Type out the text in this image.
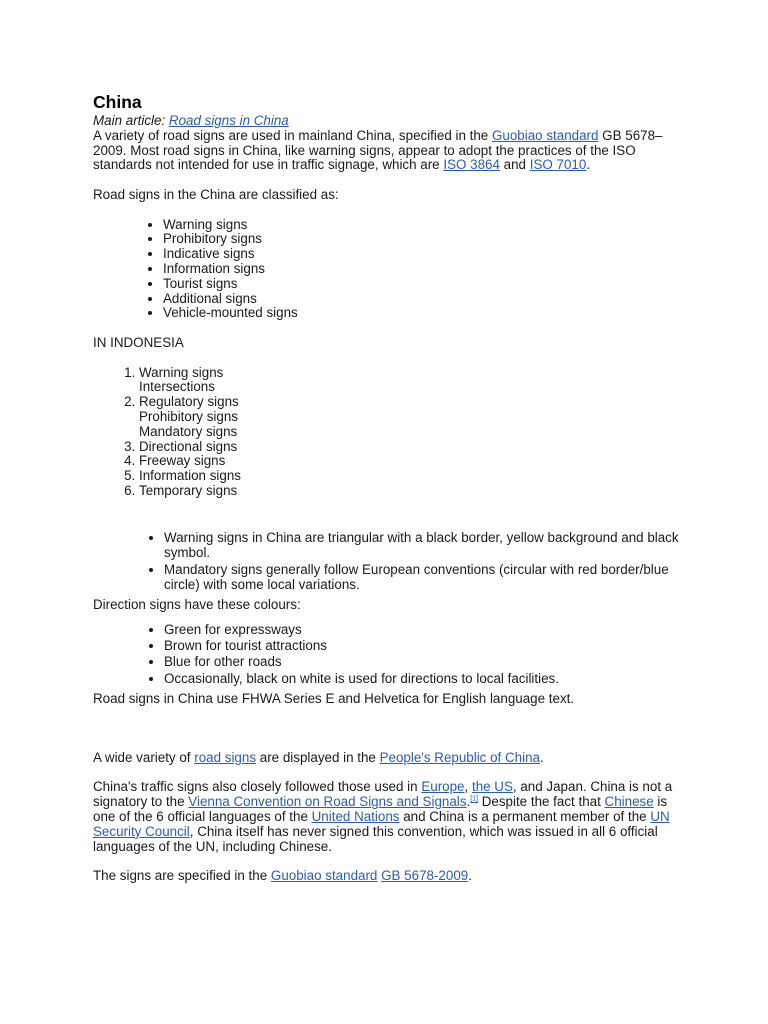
China

Main article: Road signs in China

A variety of road signs are used in mainland China, specified in the Guobiao standard GB 5678–2009. Most road signs in China, like warning signs, appear to adopt the practices of the ISO standards not intended for use in traffic signage, which are ISO 3864 and ISO 7010.

Road signs in the China are classified as:

• Warning signs
• Prohibitory signs
• Indicative signs
• Information signs
• Tourist signs
• Additional signs
• Vehicle-mounted signs

IN INDONESIA

1. Warning signs
Intersections
2. Regulatory signs
Prohibitory signs
Mandatory signs
3. Directional signs
4. Freeway signs
5. Information signs
6. Temporary signs
• Warning signs in China are triangular with a black border, yellow background and black symbol.
• Mandatory signs generally follow European conventions (circular with red border/blue circle) with some local variations.

Direction signs have these colours:

• Green for expressways
• Brown for tourist attractions
• Blue for other roads
• Occasionally, black on white is used for directions to local facilities.

Road signs in China use FHWA Series E and Helvetica for English language text.

A wide variety of road signs are displayed in the People's Republic of China.

China's traffic signs also closely followed those used in Europe, the US, and Japan. China is not a signatory to the Vienna Convention on Road Signs and Signals.[1] Despite the fact that Chinese is one of the 6 official languages of the United Nations and China is a permanent member of the UN Security Council, China itself has never signed this convention, which was issued in all 6 official languages of the UN, including Chinese.

The signs are specified in the Guobiao standard GB 5678-2009.
